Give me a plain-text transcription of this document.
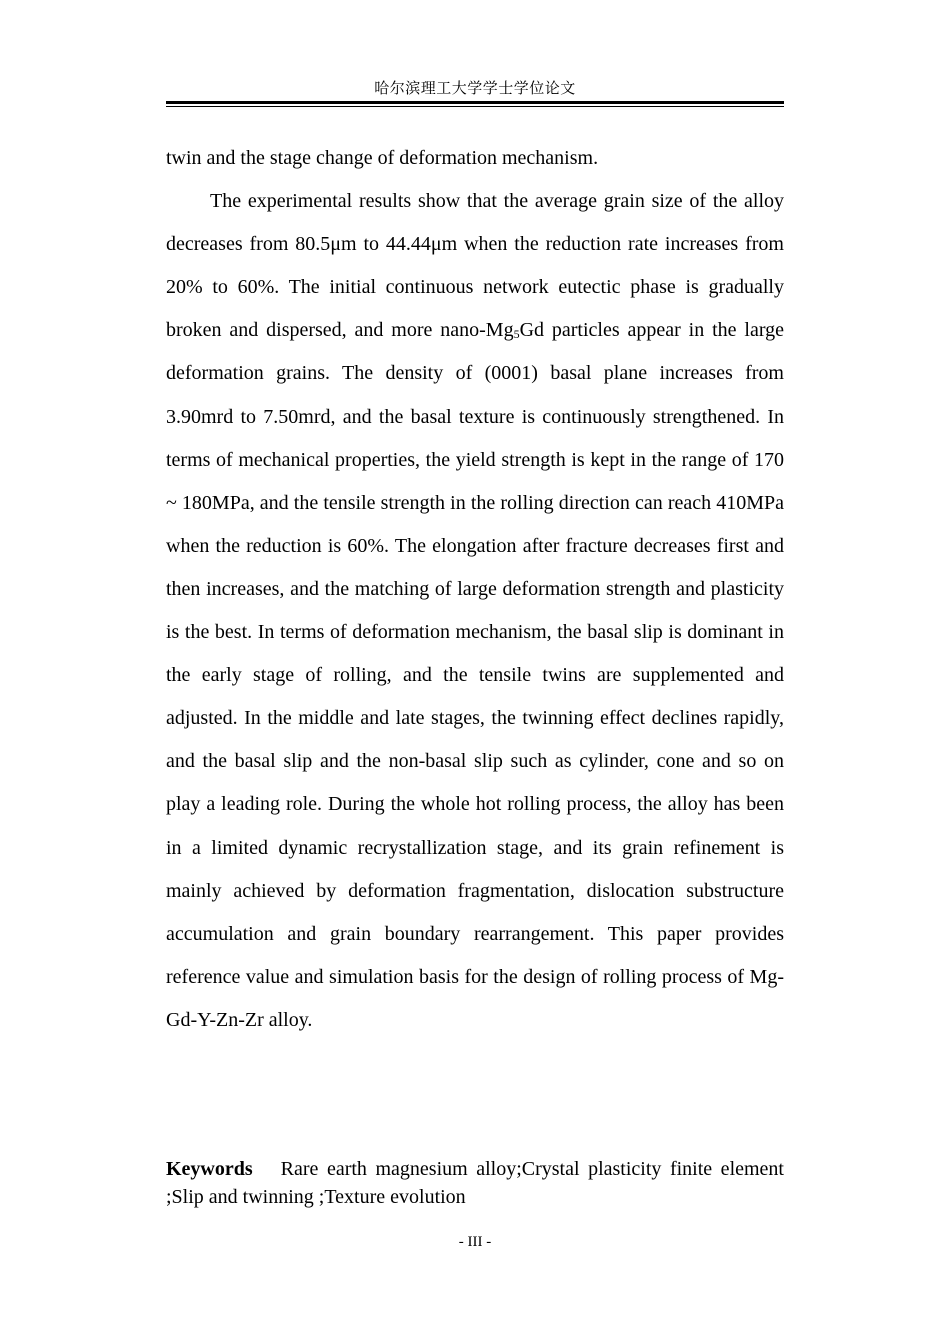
哈尔滨理工大学学士学位论文

twin and the stage change of deformation mechanism.

The experimental results show that the average grain size of the alloy decreases from 80.5μm to 44.44μm when the reduction rate increases from 20% to 60%. The initial continuous network eutectic phase is gradually broken and dispersed, and more nano-$Mg_5Gd$ particles appear in the large deformation grains. The density of (0001) basal plane increases from 3.90mrd to 7.50mrd, and the basal texture is continuously strengthened. In terms of mechanical properties, the yield strength is kept in the range of 170 ~ 180MPa, and the tensile strength in the rolling direction can reach 410MPa when the reduction is 60%. The elongation after fracture decreases first and then increases, and the matching of large deformation strength and plasticity is the best. In terms of deformation mechanism, the basal slip is dominant in the early stage of rolling, and the tensile twins are supplemented and adjusted. In the middle and late stages, the twinning effect declines rapidly, and the basal slip and the non-basal slip such as cylinder, cone and so on play a leading role. During the whole hot rolling process, the alloy has been in a limited dynamic recrystallization stage, and its grain refinement is mainly achieved by deformation fragmentation, dislocation substructure accumulation and grain boundary rearrangement. This paper provides reference value and simulation basis for the design of rolling process of Mg-Gd-Y-Zn-Zr alloy.

Keywords Rare earth magnesium alloy;Crystal plasticity finite element ;Slip and twinning ;Texture evolution
- III -
